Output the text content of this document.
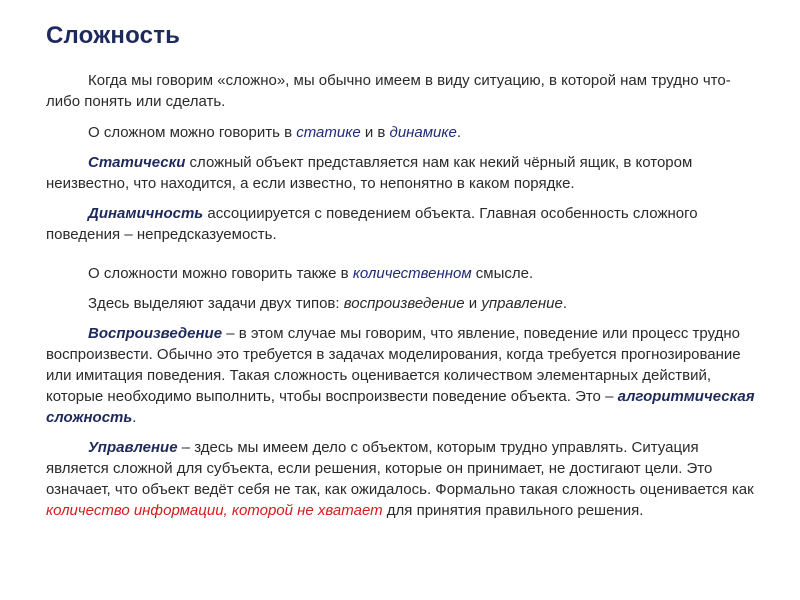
Сложность

Когда мы говорим «сложно», мы обычно имеем в виду ситуацию, в которой нам трудно что-либо понять или сделать.

О сложном можно говорить в статике и в динамике.

Статически сложный объект представляется нам как некий чёрный ящик, в котором неизвестно, что находится, а если известно, то непонятно в каком порядке.

Динамичность ассоциируется с поведением объекта. Главная особенность сложного поведения – непредсказуемость.

О сложности можно говорить также в количественном смысле.

Здесь выделяют задачи двух типов: воспроизведение и управление.

Воспроизведение – в этом случае мы говорим, что явление, поведение или процесс трудно воспроизвести. Обычно это требуется в задачах моделирования, когда требуется прогнозирование или имитация поведения. Такая сложность оценивается количеством элементарных действий, которые необходимо выполнить, чтобы воспроизвести поведение объекта. Это – алгоритмическая сложность.

Управление – здесь мы имеем дело с объектом, которым трудно управлять. Ситуация является сложной для субъекта, если решения, которые он принимает, не достигают цели. Это означает, что объект ведёт себя не так, как ожидалось. Формально такая сложность оценивается как количество информации, которой не хватает для принятия правильного решения.
